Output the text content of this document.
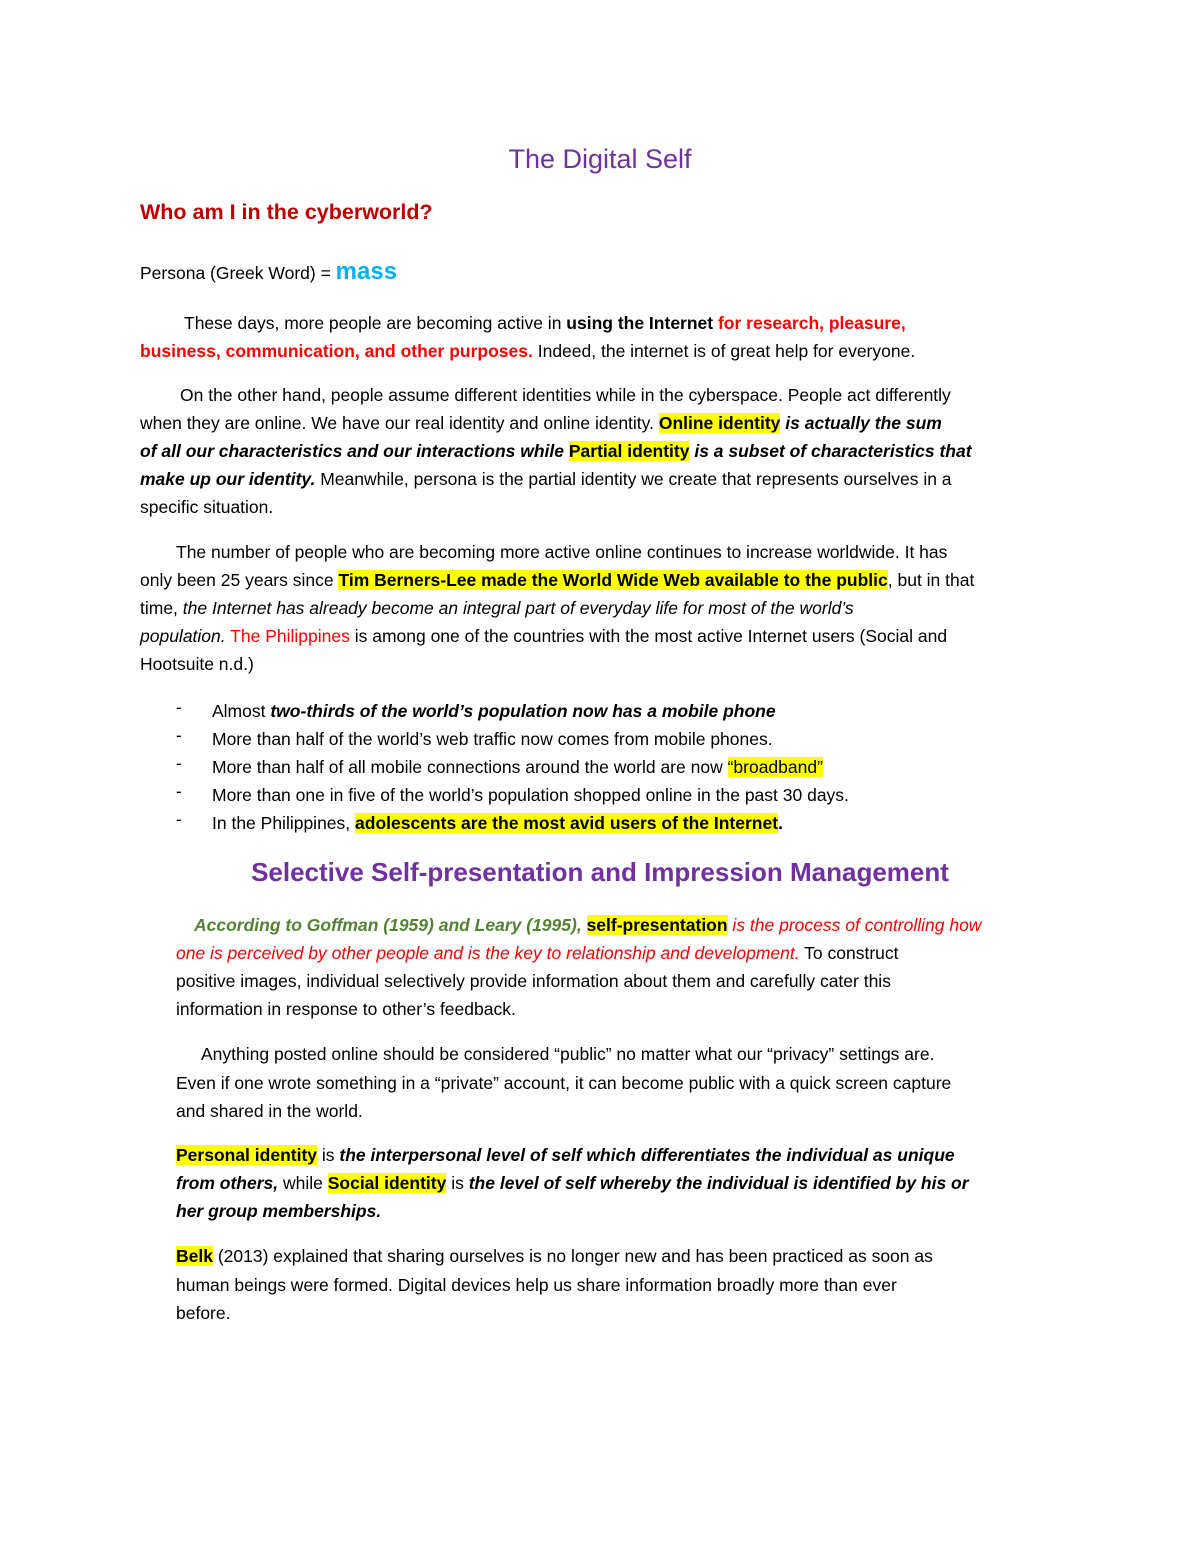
The Digital Self
Who am I in the cyberworld?
Persona (Greek Word) = mass
These days, more people are becoming active in using the Internet for research, pleasure,
business, communication, and other purposes. Indeed, the internet is of great help for everyone.
On the other hand, people assume different identities while in the cyberspace. People act differently
when they are online. We have our real identity and online identity. Online identity is actually the sum
of all our characteristics and our interactions while Partial identity is a subset of characteristics that
make up our identity. Meanwhile, persona is the partial identity we create that represents ourselves in a
specific situation.
The number of people who are becoming more active online continues to increase worldwide. It has
only been 25 years since Tim Berners-Lee made the World Wide Web available to the public, but in that
time, the Internet has already become an integral part of everyday life for most of the world’s
population. The Philippines is among one of the countries with the most active Internet users (Social and
Hootsuite n.d.)
- Almost two-thirds of the world’s population now has a mobile phone
- More than half of the world’s web traffic now comes from mobile phones.
- More than half of all mobile connections around the world are now “broadband”
- More than one in five of the world’s population shopped online in the past 30 days.
- In the Philippines, adolescents are the most avid users of the Internet.
Selective Self-presentation and Impression Management
According to Goffman (1959) and Leary (1995), self-presentation is the process of controlling how
one is perceived by other people and is the key to relationship and development. To construct
positive images, individual selectively provide information about them and carefully cater this
information in response to other’s feedback.
Anything posted online should be considered “public” no matter what our “privacy” settings are.
Even if one wrote something in a “private” account, it can become public with a quick screen capture
and shared in the world.
Personal identity is the interpersonal level of self which differentiates the individual as unique
from others, while Social identity is the level of self whereby the individual is identified by his or
her group memberships.
Belk (2013) explained that sharing ourselves is no longer new and has been practiced as soon as
human beings were formed. Digital devices help us share information broadly more than ever
before.
